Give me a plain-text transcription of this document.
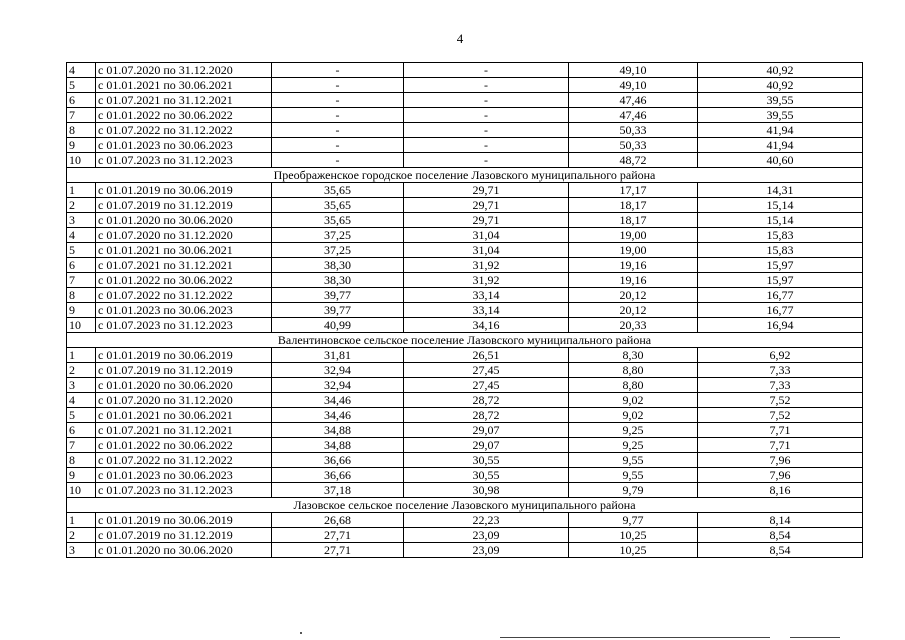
4
4	с 01.07.2020 по 31.12.2020	-	-	49,10	40,92
5	с 01.01.2021 по 30.06.2021	-	-	49,10	40,92
6	с 01.07.2021 по 31.12.2021	-	-	47,46	39,55
7	с 01.01.2022 по 30.06.2022	-	-	47,46	39,55
8	с 01.07.2022 по 31.12.2022	-	-	50,33	41,94
9	с 01.01.2023 по 30.06.2023	-	-	50,33	41,94
10	с 01.07.2023 по 31.12.2023	-	-	48,72	40,60
Преображенское городское поселение Лазовского муниципального района					
1	с 01.01.2019 по 30.06.2019	35,65	29,71	17,17	14,31
2	с 01.07.2019 по 31.12.2019	35,65	29,71	18,17	15,14
3	с 01.01.2020 по 30.06.2020	35,65	29,71	18,17	15,14
4	с 01.07.2020 по 31.12.2020	37,25	31,04	19,00	15,83
5	с 01.01.2021 по 30.06.2021	37,25	31,04	19,00	15,83
6	с 01.07.2021 по 31.12.2021	38,30	31,92	19,16	15,97
7	с 01.01.2022 по 30.06.2022	38,30	31,92	19,16	15,97
8	с 01.07.2022 по 31.12.2022	39,77	33,14	20,12	16,77
9	с 01.01.2023 по 30.06.2023	39,77	33,14	20,12	16,77
10	с 01.07.2023 по 31.12.2023	40,99	34,16	20,33	16,94
Валентиновское сельское поселение Лазовского муниципального района					
1	с 01.01.2019 по 30.06.2019	31,81	26,51	8,30	6,92
2	с 01.07.2019 по 31.12.2019	32,94	27,45	8,80	7,33
3	с 01.01.2020 по 30.06.2020	32,94	27,45	8,80	7,33
4	с 01.07.2020 по 31.12.2020	34,46	28,72	9,02	7,52
5	с 01.01.2021 по 30.06.2021	34,46	28,72	9,02	7,52
6	с 01.07.2021 по 31.12.2021	34,88	29,07	9,25	7,71
7	с 01.01.2022 по 30.06.2022	34,88	29,07	9,25	7,71
8	с 01.07.2022 по 31.12.2022	36,66	30,55	9,55	7,96
9	с 01.01.2023 по 30.06.2023	36,66	30,55	9,55	7,96
10	с 01.07.2023 по 31.12.2023	37,18	30,98	9,79	8,16
Лазовское сельское поселение Лазовского муниципального района					
1	с 01.01.2019 по 30.06.2019	26,68	22,23	9,77	8,14
2	с 01.07.2019 по 31.12.2019	27,71	23,09	10,25	8,54
3	с 01.01.2020 по 30.06.2020	27,71	23,09	10,25	8,54
